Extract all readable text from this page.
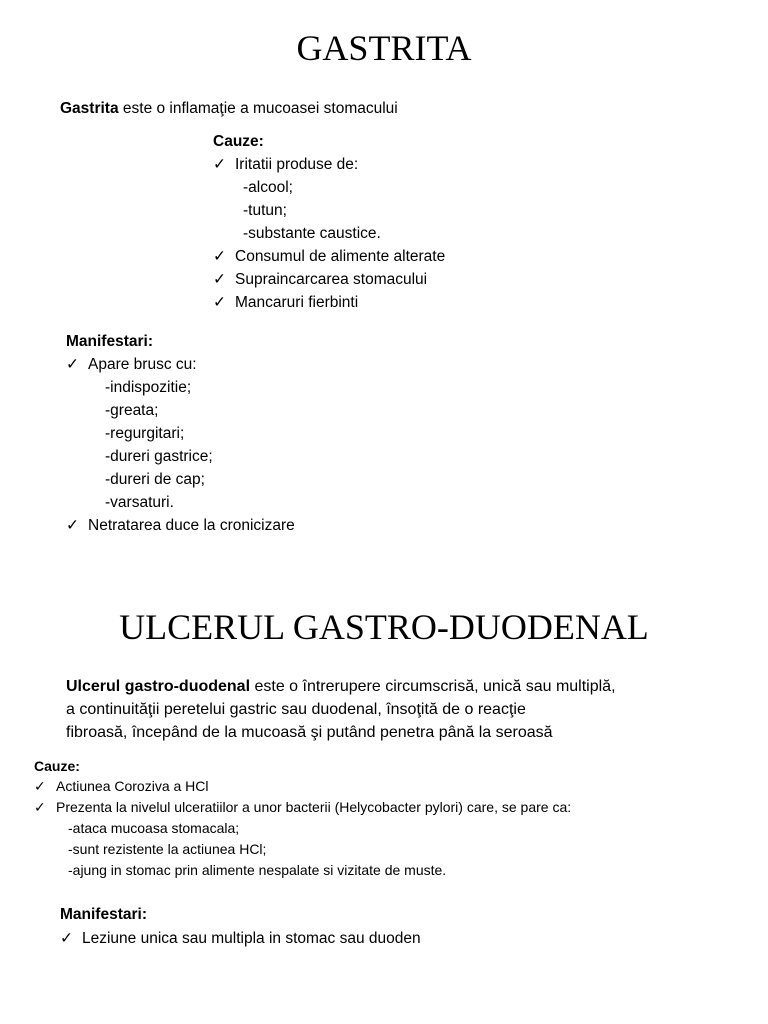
GASTRITA
Gastrita este o inflamaţie a mucoasei stomacului
Cauze:
✓ Iritatii produse de:
-alcool;
-tutun;
-substante caustice.
✓ Consumul de alimente alterate
✓ Supraincarcarea stomacului
✓ Mancaruri fierbinti
Manifestari:
✓ Apare brusc cu:
-indispozitie;
-greata;
-regurgitari;
-dureri gastrice;
-dureri de cap;
-varsaturi.
✓ Netratarea duce la cronicizare
ULCERUL GASTRO-DUODENAL
Ulcerul gastro-duodenal este o întrerupere circumscrisă, unică sau multiplă,
a continuităţii peretelui gastric sau duodenal, însoţită de o reacţie
fibroasă, începând de la mucoasă şi putând penetra până la seroasă
Cauze:
✓ Actiunea Coroziva a HCl
✓ Prezenta la nivelul ulceratiilor a unor bacterii (Helycobacter pylori) care, se pare ca:
-ataca mucoasa stomacala;
-sunt rezistente la actiunea HCl;
-ajung in stomac prin alimente nespalate si vizitate de muste.
Manifestari:
✓ Leziune unica sau multipla in stomac sau duoden
